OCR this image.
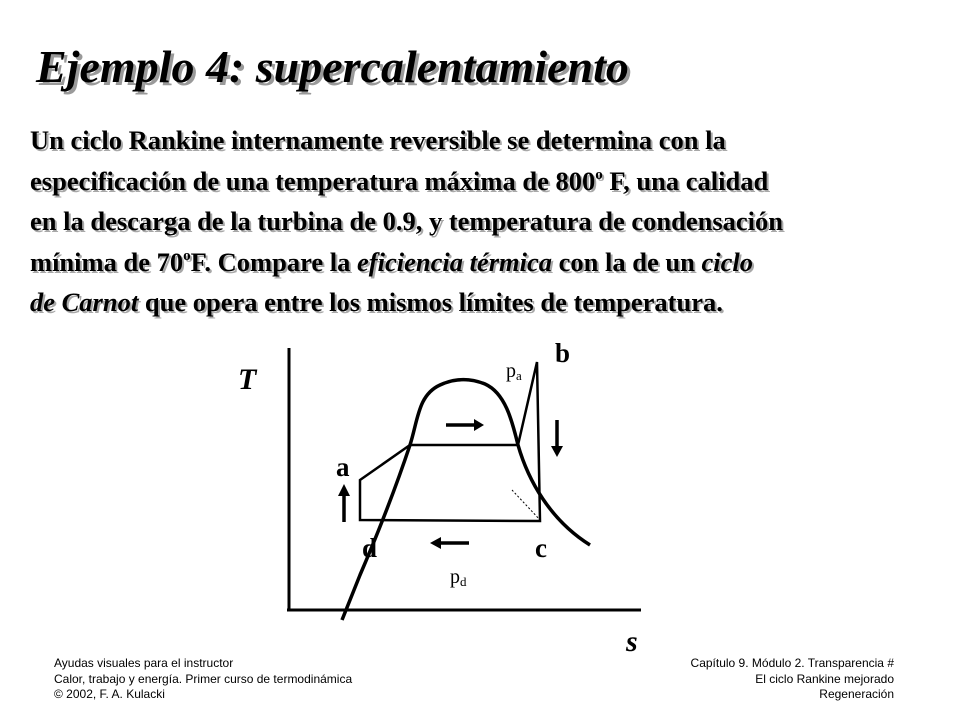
Ejemplo 4: supercalentamiento
Un ciclo Rankine internamente reversible se determina con la
especificación de una temperatura máxima de 800$^o$ F, una calidad
en la descarga de la turbina de 0.9, y temperatura de condensación
mínima de 70$^o$F. Compare la eficiencia térmica con la de un ciclo
de Carnot que opera entre los mismos límites de temperatura.
T
s
a
b
c
d
pa
pd
Ayudas visuales para el instructor
Calor, trabajo y energía. Primer curso de termodinámica
© 2002, F. A. Kulacki
Capítulo 9. Módulo 2. Transparencia #
El ciclo Rankine mejorado
Regeneración
